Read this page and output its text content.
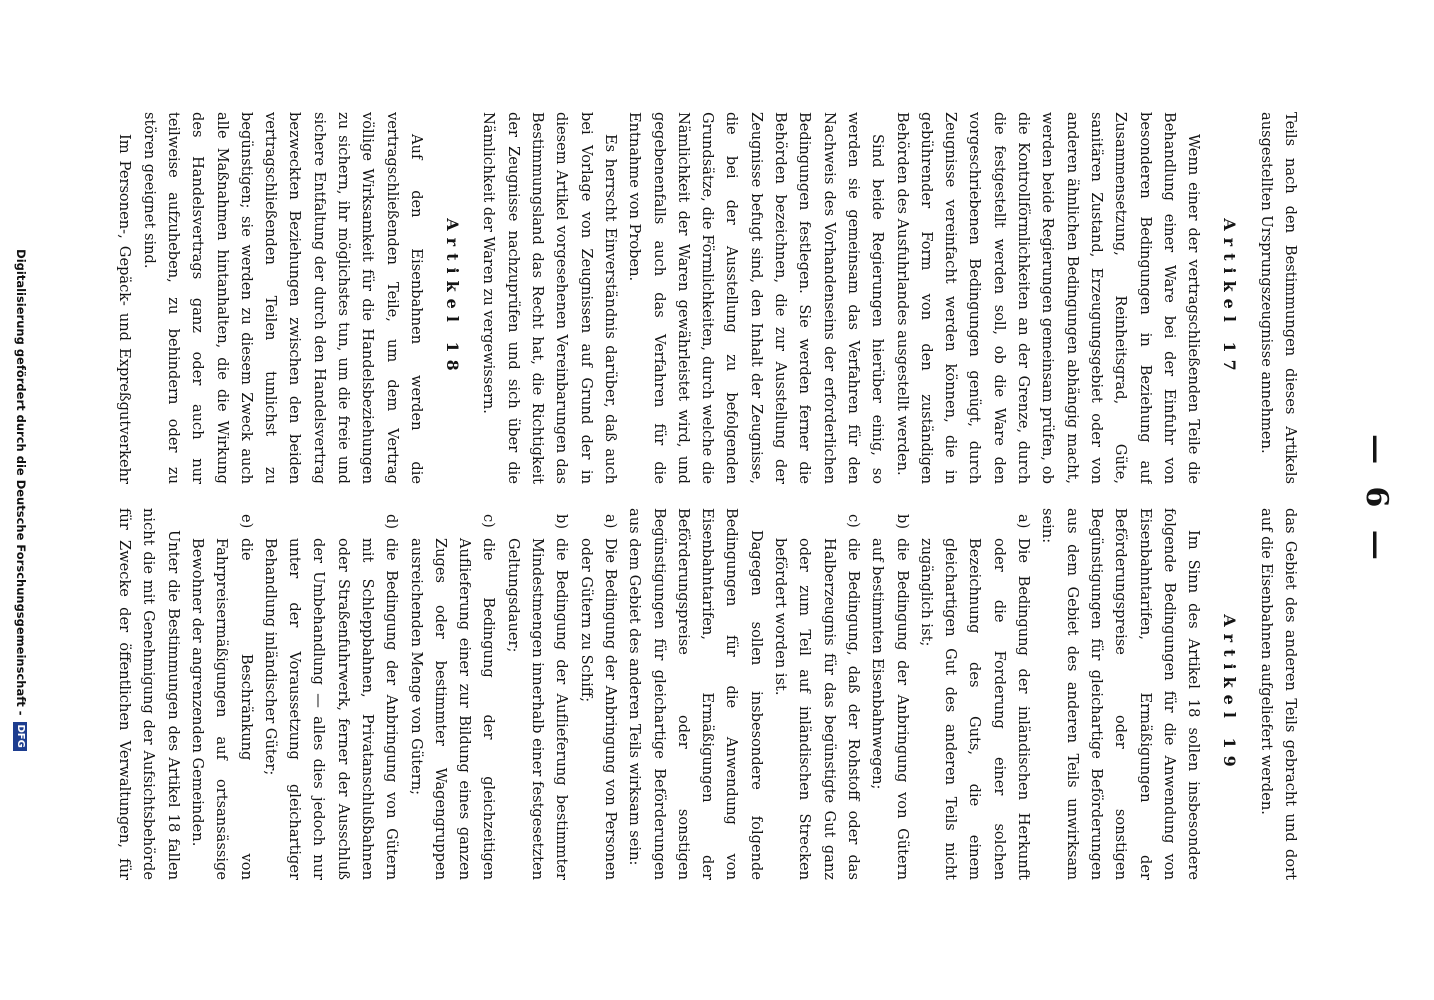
— 6 —

Teils nach den Bestimmungen dieses Artikels ausgestellten Ursprungszeugnisse annehmen.

Artikel 17

Wenn einer der vertragschließenden Teile die Behandlung einer Ware bei der Einfuhr von besonderen Bedingungen in Beziehung auf Zusammensetzung, Reinheitsgrad, Güte, sanitären Zustand, Erzeugungsgebiet oder von anderen ähnlichen Bedingungen abhängig macht, werden beide Regierungen gemeinsam prüfen, ob die Kontrollförmlichkeiten an der Grenze, durch die festgestellt werden soll, ob die Ware den vorgeschriebenen Bedingungen genügt, durch Zeugnisse vereinfacht werden können, die in gebührender Form von den zuständigen Behörden des Ausfuhrlandes ausgestellt werden.

Sind beide Regierungen hierüber einig, so werden sie gemeinsam das Verfahren für den Nachweis des Vorhandenseins der erforderlichen Bedingungen festlegen. Sie werden ferner die Behörden bezeichnen, die zur Ausstellung der Zeugnisse befugt sind, den Inhalt der Zeugnisse, die bei der Ausstellung zu befolgenden Grundsätze, die Förmlichkeiten, durch welche die Nämlichkeit der Waren gewährleistet wird, und gegebenenfalls auch das Verfahren für die Entnahme von Proben.

Es herrscht Einverständnis darüber, daß auch bei Vorlage von Zeugnissen auf Grund der in diesem Artikel vorgesehenen Vereinbarungen das Bestimmungsland das Recht hat, die Richtigkeit der Zeugnisse nachzuprüfen und sich über die Nämlichkeit der Waren zu vergewissern.

Artikel 18

Auf den Eisenbahnen werden die vertragschließenden Teile, um dem Vertrag völlige Wirksamkeit für die Handelsbeziehungen zu sichern, ihr möglichstes tun, um die freie und sichere Entfaltung der durch den Handelsvertrag bezweckten Beziehungen zwischen den beiden vertragschließenden Teilen tunlichst zu begünstigen; sie werden zu diesem Zweck auch alle Maßnahmen hintanhalten, die die Wirkung des Handelsvertrags ganz oder auch nur teilweise aufzuheben, zu behindern oder zu stören geeignet sind.

Im Personen-, Gepäck- und Expreßgutverkehr

das Gebiet des anderen Teils gebracht und dort auf die Eisenbahnen aufgeliefert werden.

Artikel 19

Im Sinn des Artikel 18 sollen insbesondere folgende Bedingungen für die Anwendung von Eisenbahntarifen, Ermäßigungen der Beförderungspreise oder sonstigen Begünstigungen für gleichartige Beförderungen aus dem Gebiet des anderen Teils unwirksam sein:

a)
Die Bedingung der inländischen Herkunft oder die Forderung einer solchen Bezeichnung des Guts, die einem gleichartigen Gut des anderen Teils nicht zugänglich ist;

b)
die Bedingung der Anbringung von Gütern auf bestimmten Eisenbahnwegen;

c)
die Bedingung, daß der Rohstoff oder das Halberzeugnis für das begünstigte Gut ganz oder zum Teil auf inländischen Strecken befördert worden ist.

Dagegen sollen insbesondere folgende Bedingungen für die Anwendung von Eisenbahntarifen, Ermäßigungen der Beförderungspreise oder sonstigen Begünstigungen für gleichartige Beförderungen aus dem Gebiet des anderen Teils wirksam sein:

a)
Die Bedingung der Anbringung von Personen oder Gütern zu Schiff;

b)
die Bedingung der Auflieferung bestimmter Mindestmengen innerhalb einer festgesetzten Geltungsdauer;

c)
die Bedingung der gleichzeitigen Auflieferung einer zur Bildung eines ganzen Zuges oder bestimmter Wagengruppen ausreichenden Menge von Gütern;

d)
die Bedingung der Anbringung von Gütern mit Schleppbahnen, Privatanschlußbahnen oder Straßenfuhrwerk, ferner der Ausschluß der Umbehandlung — alles dies jedoch nur unter der Voraussetzung gleichartiger Behandlung inländischer Güter;

e)
die Beschränkung von Fahrpreisermäßigungen auf ortsansässige Bewohner der angrenzenden Gemeinden.

Unter die Bestimmungen des Artikel 18 fallen nicht die mit Genehmigung der Aufsichtsbehörde für Zwecke der öffentlichen Verwaltungen, für

Digitalisierung gefördert durch die Deutsche Forschungsgemeinschaft -DFG
